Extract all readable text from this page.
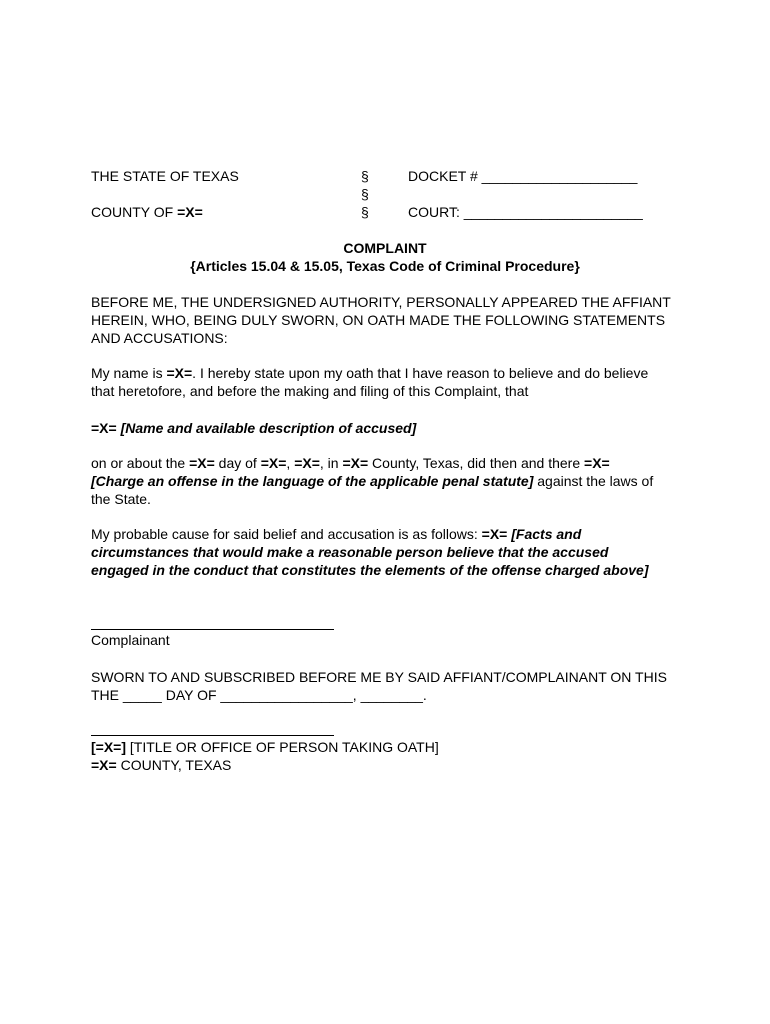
THE STATE OF TEXAS
COUNTY OF =X=
§
§
§
DOCKET # ____________________
COURT: _______________________
COMPLAINT
{Articles 15.04 & 15.05, Texas Code of Criminal Procedure}
BEFORE ME, THE UNDERSIGNED AUTHORITY, PERSONALLY APPEARED THE AFFIANT HEREIN, WHO, BEING DULY SWORN, ON OATH MADE THE FOLLOWING STATEMENTS AND ACCUSATIONS:
My name is =X=. I hereby state upon my oath that I have reason to believe and do believe that heretofore, and before the making and filing of this Complaint, that
=X= [Name and available description of accused]
on or about the =X= day of =X=, =X=, in =X= County, Texas, did then and there =X= [Charge an offense in the language of the applicable penal statute] against the laws of the State.
My probable cause for said belief and accusation is as follows: =X= [Facts and circumstances that would make a reasonable person believe that the accused engaged in the conduct that constitutes the elements of the offense charged above]
Complainant
SWORN TO AND SUBSCRIBED BEFORE ME BY SAID AFFIANT/COMPLAINANT ON THIS THE _____ DAY OF _________________, ________.
[=X=] [TITLE OR OFFICE OF PERSON TAKING OATH]
=X= COUNTY, TEXAS
